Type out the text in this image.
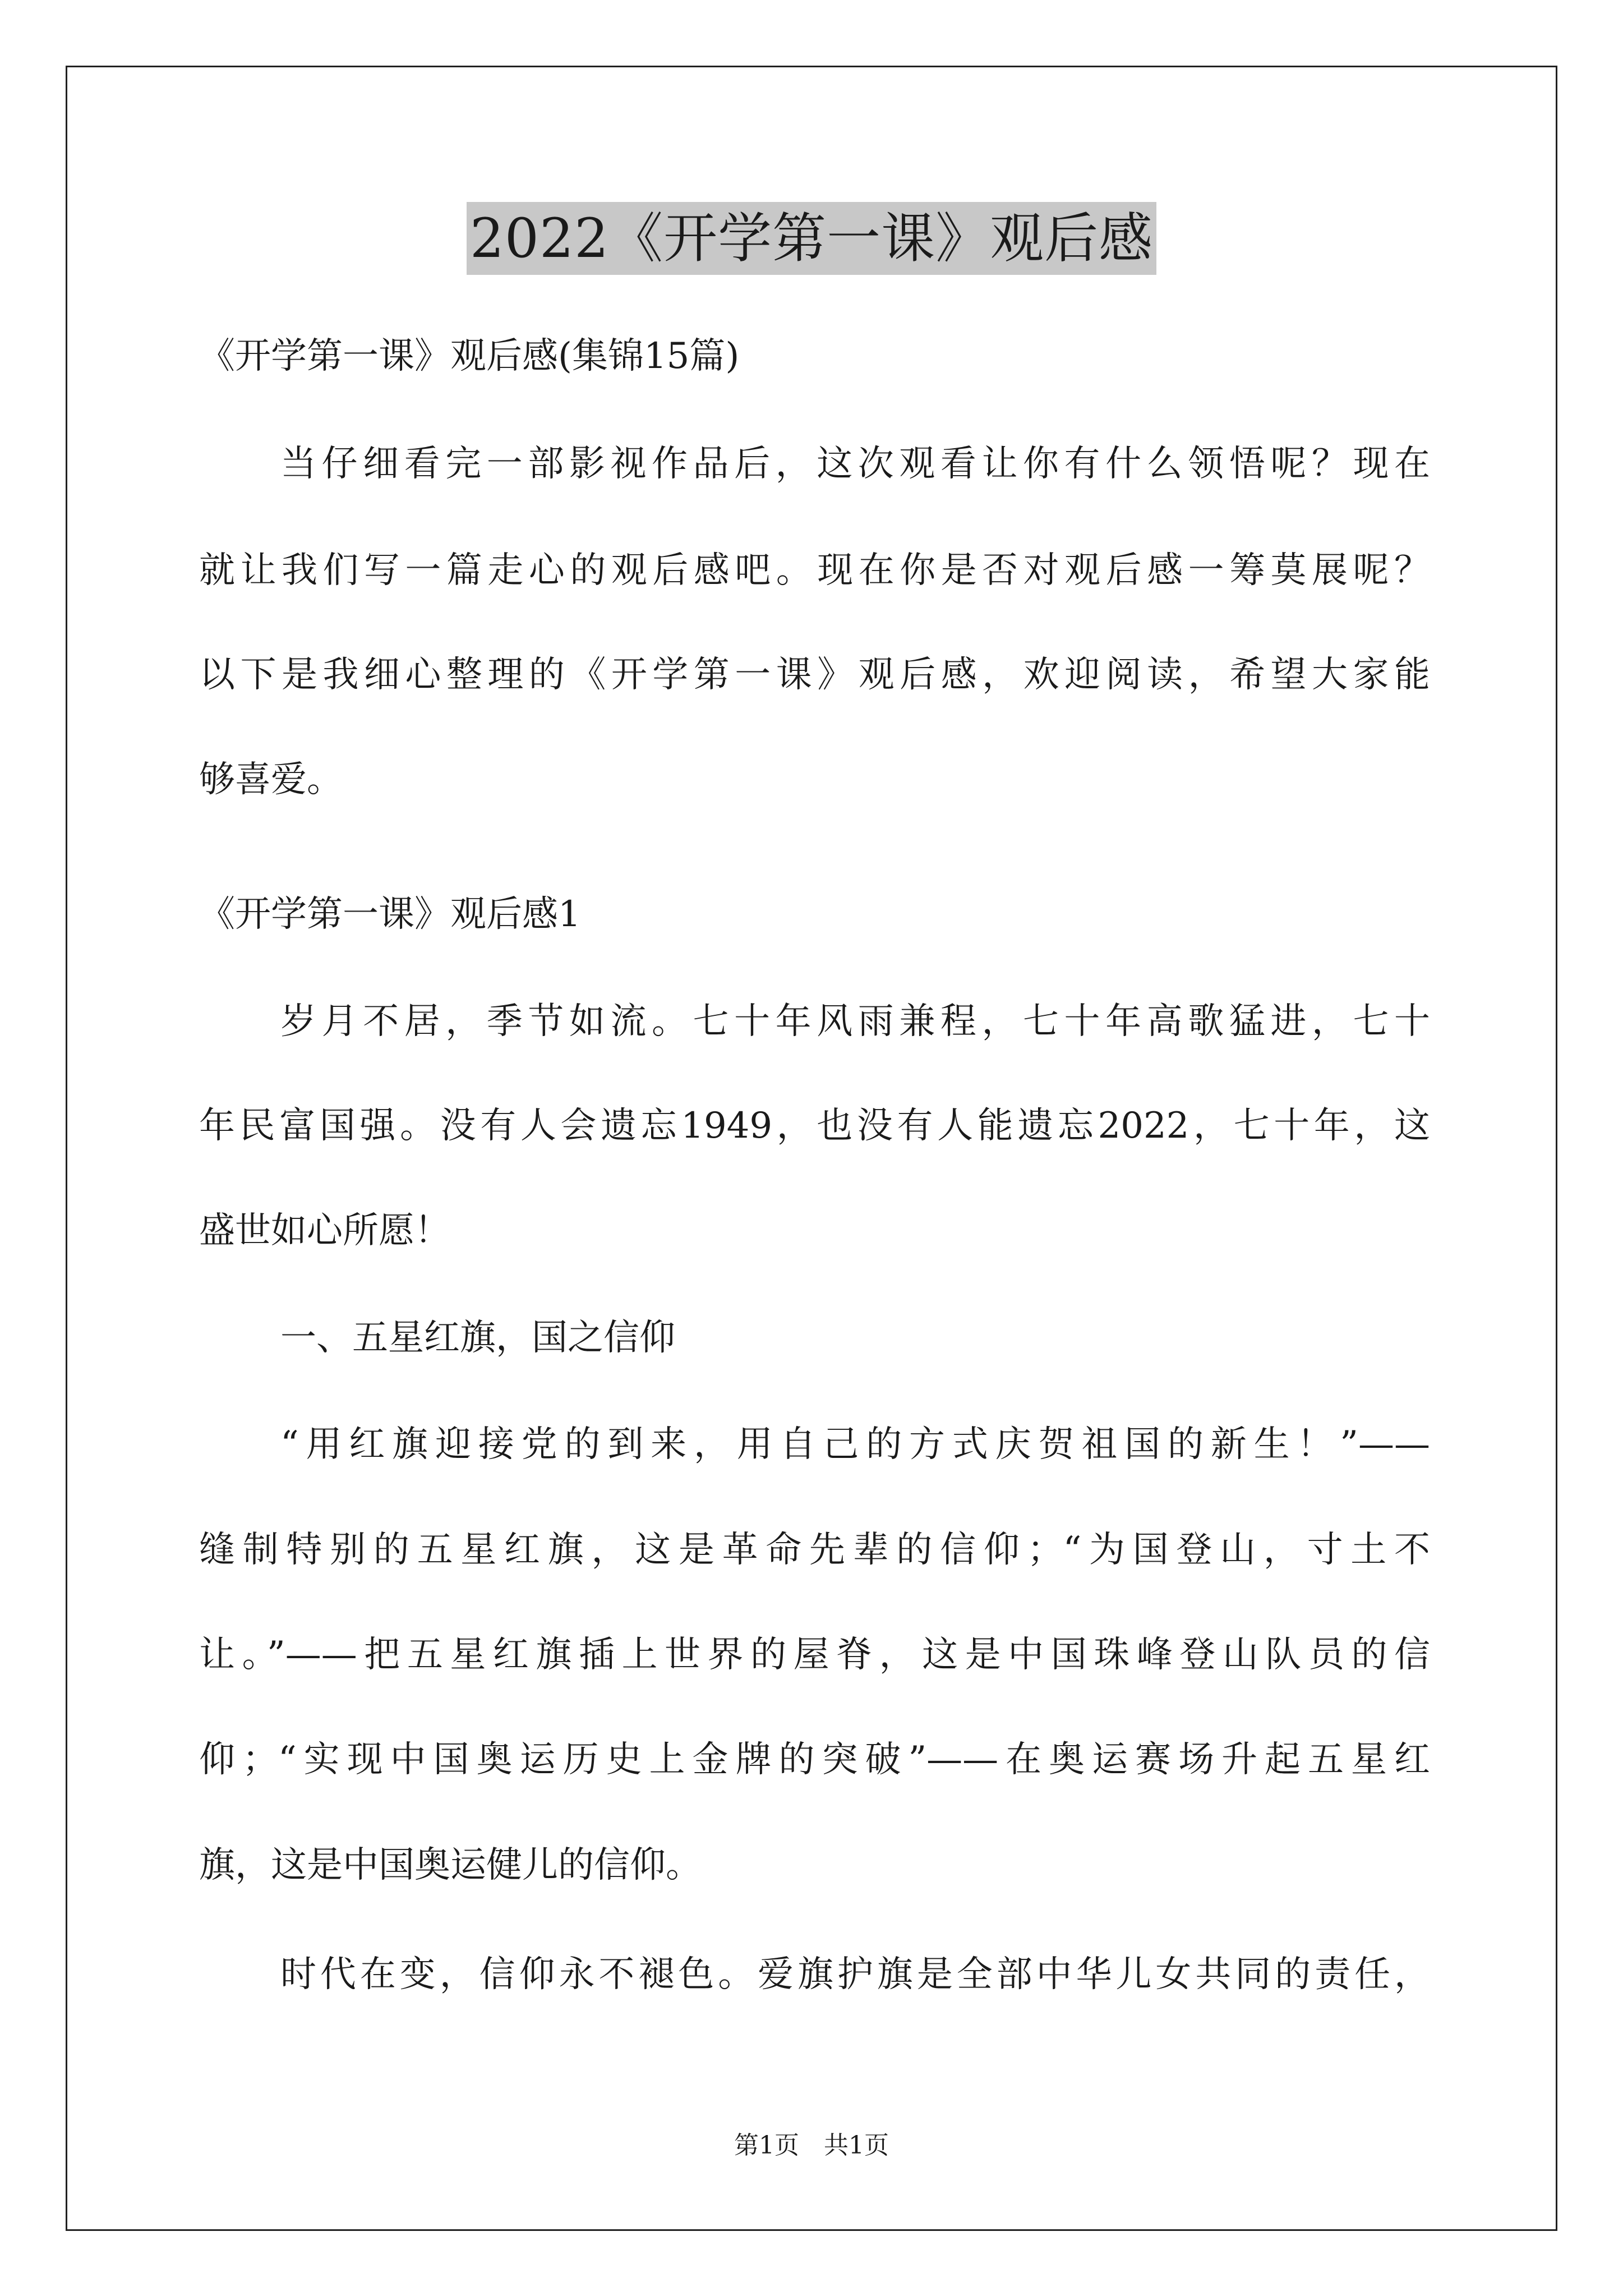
2022《开学第一课》观后感
《开学第一课》观后感(集锦15篇)
当仔细看完一部影视作品后，这次观看让你有什么领悟呢？现在
就让我们写一篇走心的观后感吧。现在你是否对观后感一筹莫展呢？
以下是我细心整理的《开学第一课》观后感，欢迎阅读，希望大家能
够喜爱。
《开学第一课》观后感1
岁月不居，季节如流。七十年风雨兼程，七十年高歌猛进，七十
年民富国强。没有人会遗忘1949，也没有人能遗忘2022，七十年，这
盛世如心所愿！
一、五星红旗，国之信仰
“用红旗迎接党的到来，用自己的方式庆贺祖国的新生！”——
缝制特别的五星红旗，这是革命先辈的信仰；“为国登山，寸土不
让。”——把五星红旗插上世界的屋脊，这是中国珠峰登山队员的信
仰；“实现中国奥运历史上金牌的突破”——在奥运赛场升起五星红
旗，这是中国奥运健儿的信仰。
时代在变，信仰永不褪色。爱旗护旗是全部中华儿女共同的责任，
第1页　共1页
